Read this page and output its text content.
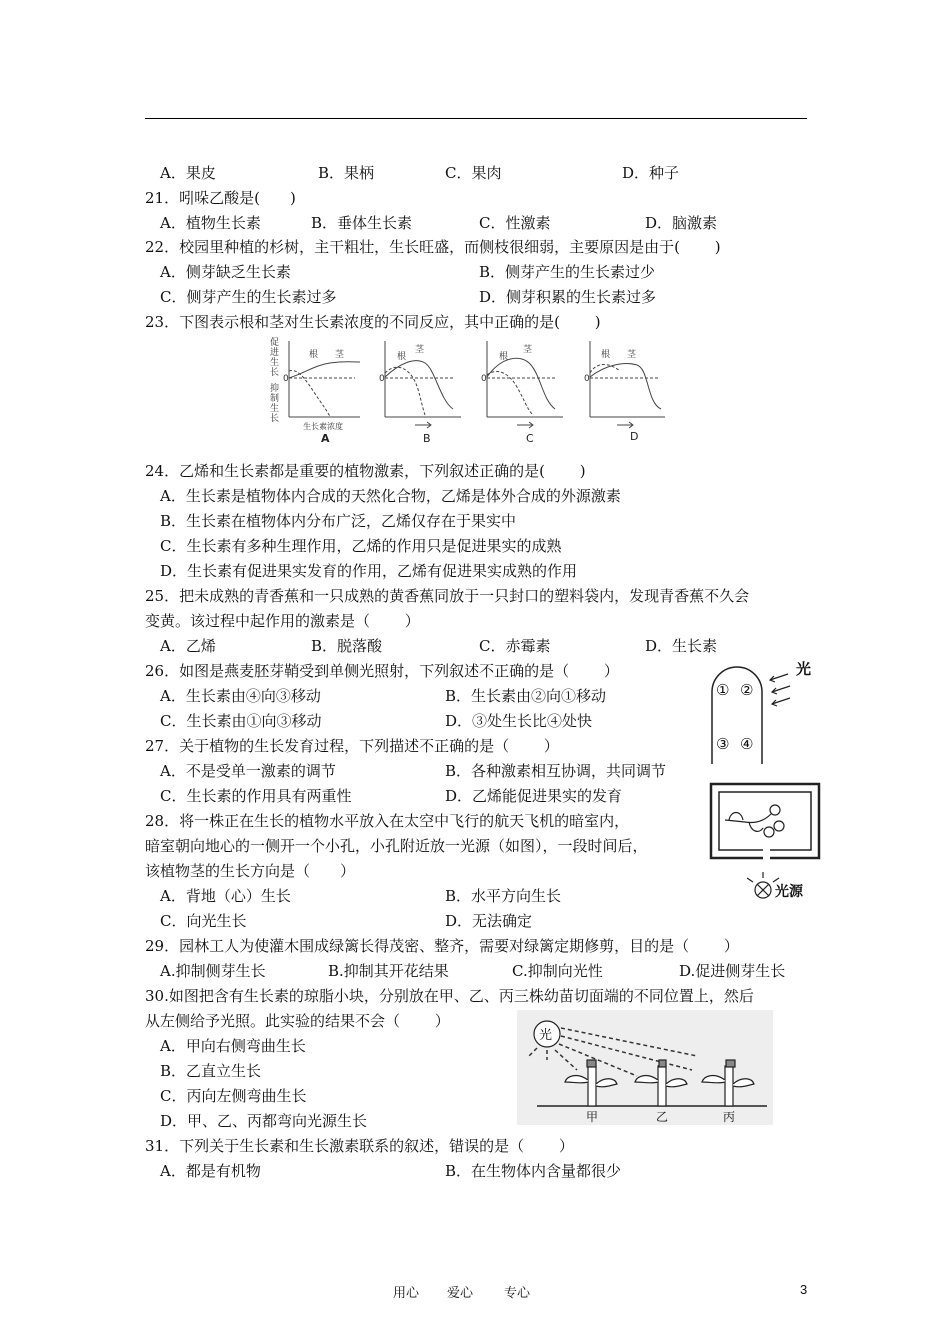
A．果皮	B．果柄	C．果肉	D．种子
21．吲哚乙酸是(　　)
A．植物生长素	B．垂体生长素	C．性激素	D．脑激素
22．校园里种植的杉树，主干粗壮，生长旺盛，而侧枝很细弱，主要原因是由于(　　 )
A．侧芽缺乏生长素	B．侧芽产生的生长素过少
C．侧芽产生的生长素过多	D．侧芽积累的生长素过多
23．下图表示根和茎对生长素浓度的不同反应，其中正确的是(　　 )
促
进
生
长
抑
制
生
长
0
根 茎
生长素浓度
A
0
根
茎
B
0
根
茎
C
0
根 茎
D
24．乙烯和生长素都是重要的植物激素，下列叙述正确的是(　　 )
A．生长素是植物体内合成的天然化合物，乙烯是体外合成的外源激素
B．生长素在植物体内分布广泛，乙烯仅存在于果实中
C．生长素有多种生理作用，乙烯的作用只是促进果实的成熟
D．生长素有促进果实发育的作用，乙烯有促进果实成熟的作用
25．把未成熟的青香蕉和一只成熟的黄香蕉同放于一只封口的塑料袋内，发现青香蕉不久会
变黄。该过程中起作用的激素是（　　 ）
A．乙烯	B．脱落酸	C．赤霉素	D．生长素
26．如图是燕麦胚芽鞘受到单侧光照射，下列叙述不正确的是（　　 ）
A．生长素由④向③移动	B．生长素由②向①移动
C．生长素由①向③移动	D．③处生长比④处快
① ②
③ ④
光
27．关于植物的生长发育过程，下列描述不正确的是（　　 ）
A．不是受单一激素的调节	B．各种激素相互协调，共同调节
C．生长素的作用具有两重性	D．乙烯能促进果实的发育
28．将一株正在生长的植物水平放入在太空中飞行的航天飞机的暗室内，
暗室朝向地心的一侧开一个小孔，小孔附近放一光源（如图），一段时间后，
该植物茎的生长方向是（　　）
A．背地（心）生长	B．水平方向生长
C．向光生长	D．无法确定
光源
29．园林工人为使灌木围成绿篱长得茂密、整齐，需要对绿篱定期修剪，目的是（　　 ）
A.抑制侧芽生长	B.抑制其开花结果	C.抑制向光性	D.促进侧芽生长
30.如图把含有生长素的琼脂小块，分别放在甲、乙、丙三株幼苗切面端的不同位置上，然后
从左侧给予光照。此实验的结果不会（　　 ）
A．甲向右侧弯曲生长
B．乙直立生长
C．丙向左侧弯曲生长
D．甲、乙、丙都弯向光源生长
光
甲	乙	丙
31．下列关于生长素和生长激素联系的叙述，错误的是（　　 ）
A．都是有机物	B．在生物体内含量都很少
用心 爱心 专心	3
